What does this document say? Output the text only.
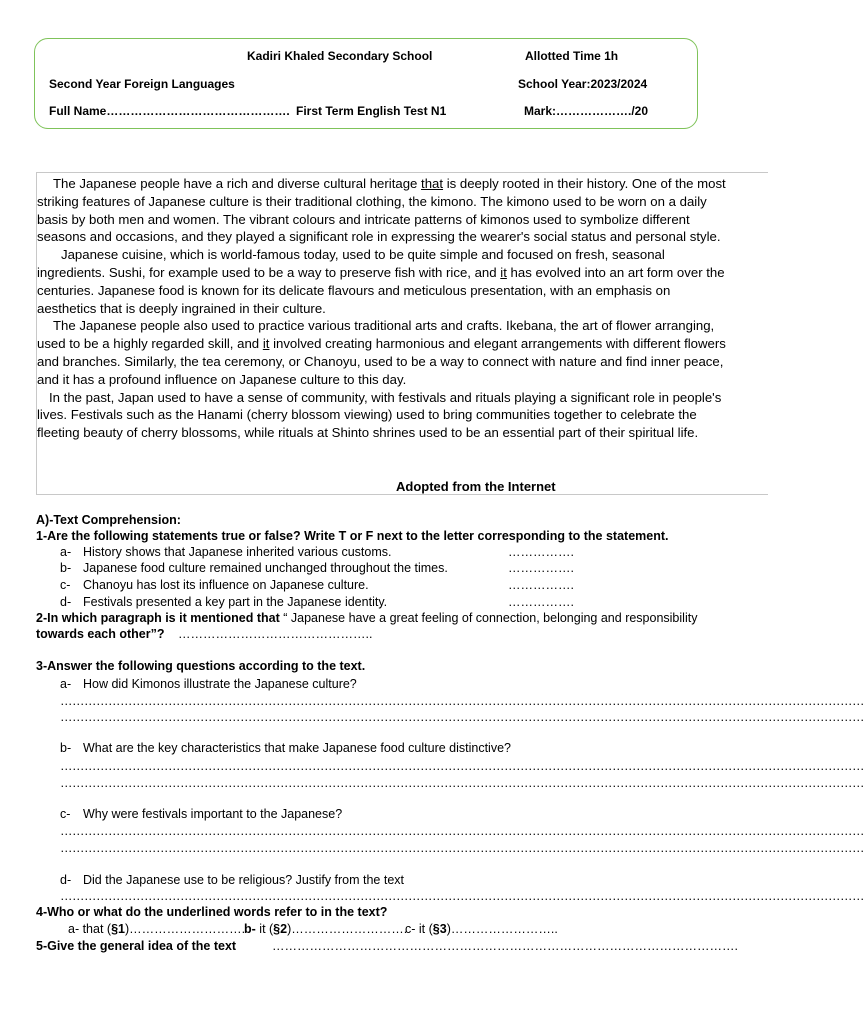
Kadiri Khaled Secondary School	Allotted Time 1h
Second Year Foreign Languages	School Year:2023/2024
Full Name………………………………………. First Term English Test N1	Mark:………………./20

The Japanese people have a rich and diverse cultural heritage that is deeply rooted in their history. One of the most striking features of Japanese culture is their traditional clothing, the kimono. The kimono used to be worn on a daily basis by both men and women. The vibrant colours and intricate patterns of kimonos used to symbolize different seasons and occasions, and they played a significant role in expressing the wearer's social status and personal style.

Japanese cuisine, which is world-famous today, used to be quite simple and focused on fresh, seasonal ingredients. Sushi, for example used to be a way to preserve fish with rice, and it has evolved into an art form over the centuries. Japanese food is known for its delicate flavours and meticulous presentation, with an emphasis on aesthetics that is deeply ingrained in their culture.

The Japanese people also used to practice various traditional arts and crafts. Ikebana, the art of flower arranging, used to be a highly regarded skill, and it involved creating harmonious and elegant arrangements with different flowers and branches. Similarly, the tea ceremony, or Chanoyu, used to be a way to connect with nature and find inner peace, and it has a profound influence on Japanese culture to this day.

In the past, Japan used to have a sense of community, with festivals and rituals playing a significant role in people's lives. Festivals such as the Hanami (cherry blossom viewing) used to bring communities together to celebrate the fleeting beauty of cherry blossoms, while rituals at Shinto shrines used to be an essential part of their spiritual life.

Adopted from the Internet
A)-Text Comprehension:
1-Are the following statements true or false? Write T or F next to the letter corresponding to the statement.
a- History shows that Japanese inherited various customs.	…………….
b- Japanese food culture remained unchanged throughout the times.	…………….
c- Chanoyu has lost its influence on Japanese culture.	…………….
d- Festivals presented a key part in the Japanese identity.	…………….
2-In which paragraph is it mentioned that “ Japanese have a great feeling of connection, belonging and responsibility
towards each other”? ………………………………………..
3-Answer the following questions according to the text.
a- How did Kimonos illustrate the Japanese culture?
…………………………………………………………………………………………………………………………………………………………………………………
…………………………………………………………………………………………………………………………………………………………………………………
b- What are the key characteristics that make Japanese food culture distinctive?
…………………………………………………………………………………………………………………………………………………………………………………
…………………………………………………………………………………………………………………………………………………………………………………
c- Why were festivals important to the Japanese?
…………………………………………………………………………………………………………………………………………………………………………………
…………………………………………………………………………………………………………………………………………………………………………………
d- Did the Japanese use to be religious? Justify from the text
…………………………………………………………………………………………………………………………………………………………………………………
4-Who or what do the underlined words refer to in the text?
a- that (§1)……………………….
b- it (§2)……………………….
c- it (§3)……………………..
5-Give the general idea of the text	………………………………………………………………………………………………….
